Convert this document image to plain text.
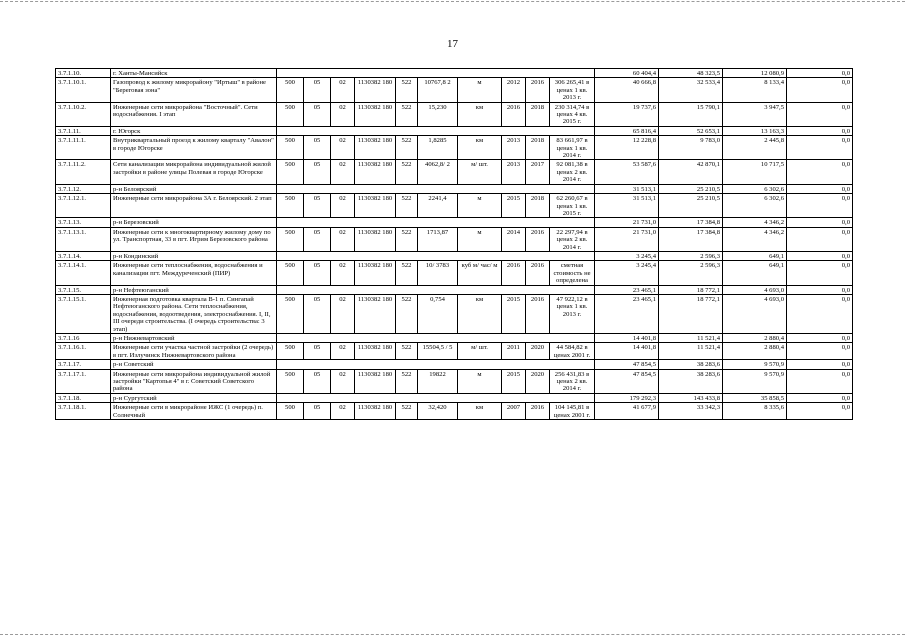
17
3.7.1.10.	г. Ханты-Мансийск											60 404,4	48 323,5	12 080,9	0,0
3.7.1.10.1.	Газопровод к жилому микрорайону "Иртыш" в районе "Береговая зона"	500	05	02	1130382 180	522	10767,8 2	м	2012	2016	306 265,41 в ценах 1 кв. 2013 г.	40 666,8	32 533,4	8 133,4	0,0
3.7.1.10.2.	Инженерные сети микрорайона "Восточный". Сети водоснабжения. I этап	500	05	02	1130382 180	522	15,230	км	2016	2018	230 314,74 в ценах 4 кв. 2015 г.	19 737,6	15 790,1	3 947,5	0,0
3.7.1.11.	г. Югорск											65 816,4	52 653,1	13 163,3	0,0
3.7.1.11.1.	Внутриквартальный проезд к жилому кварталу "Авалон" в городе Югорске	500	05	02	1130382 180	522	1,8285	км	2013	2018	83 661,97 в ценах 1 кв. 2014 г.	12 228,8	9 783,0	2 445,8	0,0
3.7.1.11.2.	Сети канализации микрорайона индивидуальной жилой застройки в районе улицы Полевая в городе Югорске	500	05	02	1130382 180	522	4062,8/ 2	м/ шт.	2013	2017	92 081,38 в ценах 2 кв. 2014 г.	53 587,6	42 870,1	10 717,5	0,0
3.7.1.12.	р-н Белоярский											31 513,1	25 210,5	6 302,6	0,0
3.7.1.12.1.	Инженерные сети микрорайона 3А г. Белоярский. 2 этап	500	05	02	1130382 180	522	2241,4	м	2015	2018	62 260,67 в ценах 1 кв. 2015 г.	31 513,1	25 210,5	6 302,6	0,0
3.7.1.13.	р-н Березовский											21 731,0	17 384,8	4 346,2	0,0
3.7.1.13.1.	Инженерные сети к многоквартирному жилому дому по ул. Транспортная, 33 в пгт. Игрим Березовского района	500	05	02	1130382 180	522	1713,87	м	2014	2016	22 297,94 в ценах 2 кв. 2014 г.	21 731,0	17 384,8	4 346,2	0,0
3.7.1.14.	р-н Кондинский											3 245,4	2 596,3	649,1	0,0
3.7.1.14.1.	Инженерные сети теплоснабжения, водоснабжения и канализации пгт. Междуреченский (ПИР)	500	05	02	1130382 180	522	10/ 3783	куб м/ час/ м	2016	2016	сметная стоимость не определена	3 245,4	2 596,3	649,1	0,0
3.7.1.15.	р-н Нефтеюганский											23 465,1	18 772,1	4 693,0	0,0
3.7.1.15.1.	Инженерная подготовка квартала В-1 п. Сингапай Нефтеюганского района. Сети теплоснабжения, водоснабжения, водоотведения, электроснабжения. I, II, III очереди строительства. (I очередь строительства: 3 этап)	500	05	02	1130382 180	522	0,754	км	2015	2016	47 922,12 в ценах 1 кв. 2013 г.	23 465,1	18 772,1	4 693,0	0,0
3.7.1.16	р-н Нижневартовский											14 401,8	11 521,4	2 880,4	0,0
3.7.1.16.1.	Инженерные сети участка частной застройки (2 очередь) в пгт. Излучинск Нижневартовского района	500	05	02	1130382 180	522	15504,5 / 5	м/ шт.	2011	2020	44 584,82 в ценах 2001 г.	14 401,8	11 521,4	2 880,4	0,0
3.7.1.17.	р-н Советский											47 854,5	38 283,6	9 570,9	0,0
3.7.1.17.1.	Инженерные сети микрорайона индивидуальной жилой застройки "Картопья 4" в г. Советский Советского района	500	05	02	1130382 180	522	19822	м	2015	2020	256 431,83 в ценах 2 кв. 2014 г.	47 854,5	38 283,6	9 570,9	0,0
3.7.1.18.	р-н Сургутский											179 292,3	143 433,8	35 858,5	0,0
3.7.1.18.1.	Инженерные сети в микрорайоне ИЖС (1 очередь) п. Солнечный	500	05	02	1130382 180	522	32,420	км	2007	2016	104 145,81 в ценах 2001 г.	41 677,9	33 342,3	8 335,6	0,0
